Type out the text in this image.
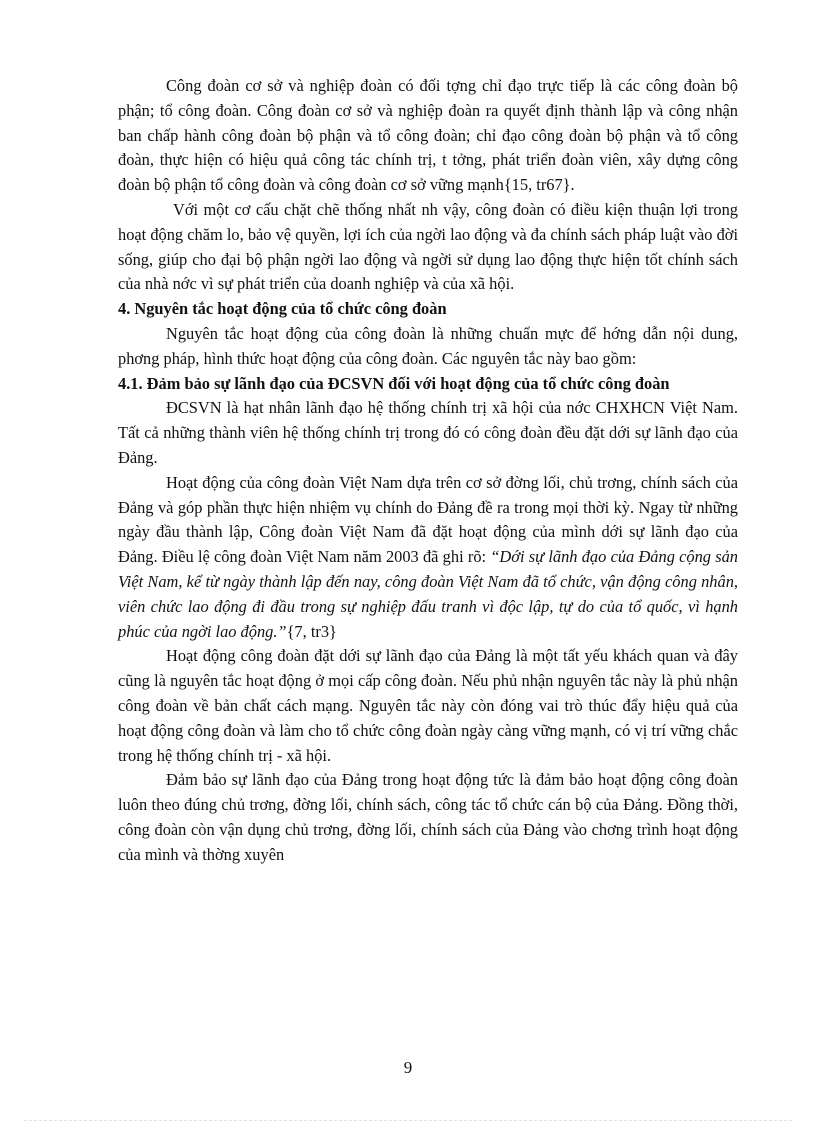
Công đoàn cơ sở và nghiệp đoàn có đối tợng chỉ đạo trực tiếp là các công đoàn bộ phận; tổ công đoàn. Công đoàn cơ sở và nghiệp đoàn ra quyết định thành lập và công nhận ban chấp hành công đoàn bộ phận và tổ công đoàn; chỉ đạo công đoàn bộ phận và tổ công đoàn, thực hiện có hiệu quả công tác chính trị, t tởng, phát triển đoàn viên, xây dựng công đoàn bộ phận tổ công đoàn và công đoàn cơ sở vững mạnh{15, tr67}.

Với một cơ cấu chặt chẽ thống nhất nh vậy, công đoàn có điều kiện thuận lợi trong hoạt động chăm lo, bảo vệ quyền, lợi ích của ngời lao động và đa chính sách pháp luật vào đời sống, giúp cho đại bộ phận ngời lao động và ngời sử dụng lao động thực hiện tốt chính sách của nhà nớc vì sự phát triển của doanh nghiệp và của xã hội.

4. Nguyên tắc hoạt động của tổ chức công đoàn

Nguyên tắc hoạt động của công đoàn là những chuẩn mực để hớng dẫn nội dung, phơng pháp, hình thức hoạt động của công đoàn. Các nguyên tắc này bao gồm:

4.1. Đảm bảo sự lãnh đạo của ĐCSVN đối với hoạt động của tổ chức công đoàn

ĐCSVN là hạt nhân lãnh đạo hệ thống chính trị xã hội của nớc CHXHCN Việt Nam. Tất cả những thành viên hệ thống chính trị trong đó có công đoàn đều đặt dới sự lãnh đạo của Đảng.

Hoạt động của công đoàn Việt Nam dựa trên cơ sở đờng lối, chủ trơng, chính sách của Đảng và góp phần thực hiện nhiệm vụ chính do Đảng đề ra trong mọi thời kỳ. Ngay từ những ngày đầu thành lập, Công đoàn Việt Nam đã đặt hoạt động của mình dới sự lãnh đạo của Đảng. Điều lệ công đoàn Việt Nam năm 2003 đã ghi rõ: “Dới sự lãnh đạo của Đảng cộng sản Việt Nam, kể từ ngày thành lập đến nay, công đoàn Việt Nam đã tổ chức, vận động công nhân, viên chức lao động đi đầu trong sự nghiệp đấu tranh vì độc lập, tự do của tổ quốc, vì hạnh phúc của ngời lao động.”{7, tr3}

Hoạt động công đoàn đặt dới sự lãnh đạo của Đảng là một tất yếu khách quan và đây cũng là nguyên tắc hoạt động ở mọi cấp công đoàn. Nếu phủ nhận nguyên tắc này là phủ nhận công đoàn về bản chất cách mạng. Nguyên tắc này còn đóng vai trò thúc đẩy hiệu quả của hoạt động công đoàn và làm cho tổ chức công đoàn ngày càng vững mạnh, có vị trí vững chắc trong hệ thống chính trị - xã hội.

Đảm bảo sự lãnh đạo của Đảng trong hoạt động tức là đảm bảo hoạt động công đoàn luôn theo đúng chủ trơng, đờng lối, chính sách, công tác tổ chức cán bộ của Đảng. Đồng thời, công đoàn còn vận dụng chủ trơng, đờng lối, chính sách của Đảng vào chơng trình hoạt động của mình và thờng xuyên

9
